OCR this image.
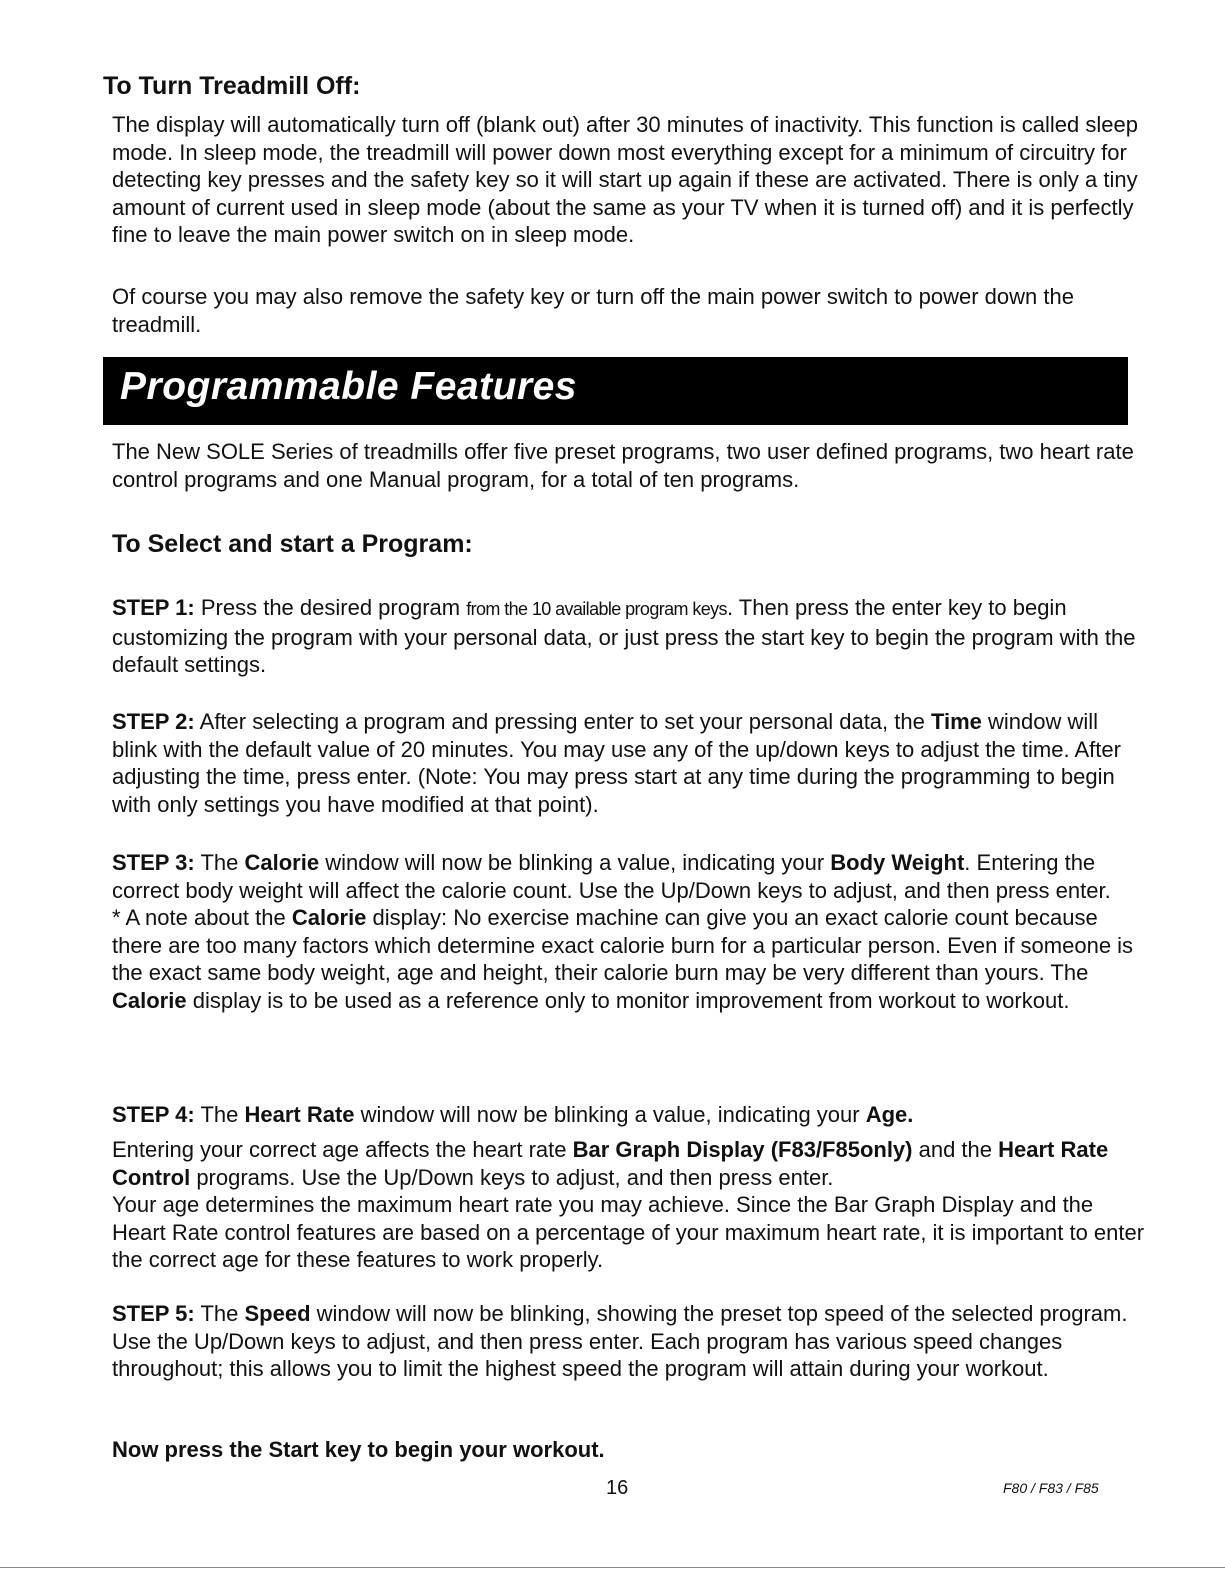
To Turn Treadmill Off:

The display will automatically turn off (blank out) after 30 minutes of inactivity. This function is called sleep mode. In sleep mode, the treadmill will power down most everything except for a minimum of circuitry for detecting key presses and the safety key so it will start up again if these are activated. There is only a tiny amount of current used in sleep mode (about the same as your TV when it is turned off) and it is perfectly fine to leave the main power switch on in sleep mode.

Of course you may also remove the safety key or turn off the main power switch to power down the treadmill.

Programmable Features

The New SOLE Series of treadmills offer five preset programs, two user defined programs, two heart rate control programs and one Manual program, for a total of ten programs.

To Select and start a Program:

STEP 1: Press the desired program from the 10 available program keys. Then press the enter key to begin customizing the program with your personal data, or just press the start key to begin the program with the default settings.

STEP 2: After selecting a program and pressing enter to set your personal data, the Time window will blink with the default value of 20 minutes. You may use any of the up/down keys to adjust the time. After adjusting the time, press enter. (Note: You may press start at any time during the programming to begin with only settings you have modified at that point).

STEP 3: The Calorie window will now be blinking a value, indicating your Body Weight. Entering the correct body weight will affect the calorie count. Use the Up/Down keys to adjust, and then press enter.
* A note about the Calorie display: No exercise machine can give you an exact calorie count because there are too many factors which determine exact calorie burn for a particular person. Even if someone is the exact same body weight, age and height, their calorie burn may be very different than yours. The Calorie display is to be used as a reference only to monitor improvement from workout to workout.

STEP 4: The Heart Rate window will now be blinking a value, indicating your Age.

Entering your correct age affects the heart rate Bar Graph Display (F83/F85only) and the Heart Rate Control programs. Use the Up/Down keys to adjust, and then press enter.
Your age determines the maximum heart rate you may achieve. Since the Bar Graph Display and the Heart Rate control features are based on a percentage of your maximum heart rate, it is important to enter the correct age for these features to work properly.

STEP 5: The Speed window will now be blinking, showing the preset top speed of the selected program. Use the Up/Down keys to adjust, and then press enter. Each program has various speed changes throughout; this allows you to limit the highest speed the program will attain during your workout.

Now press the Start key to begin your workout.

16	F80 / F83 / F85
